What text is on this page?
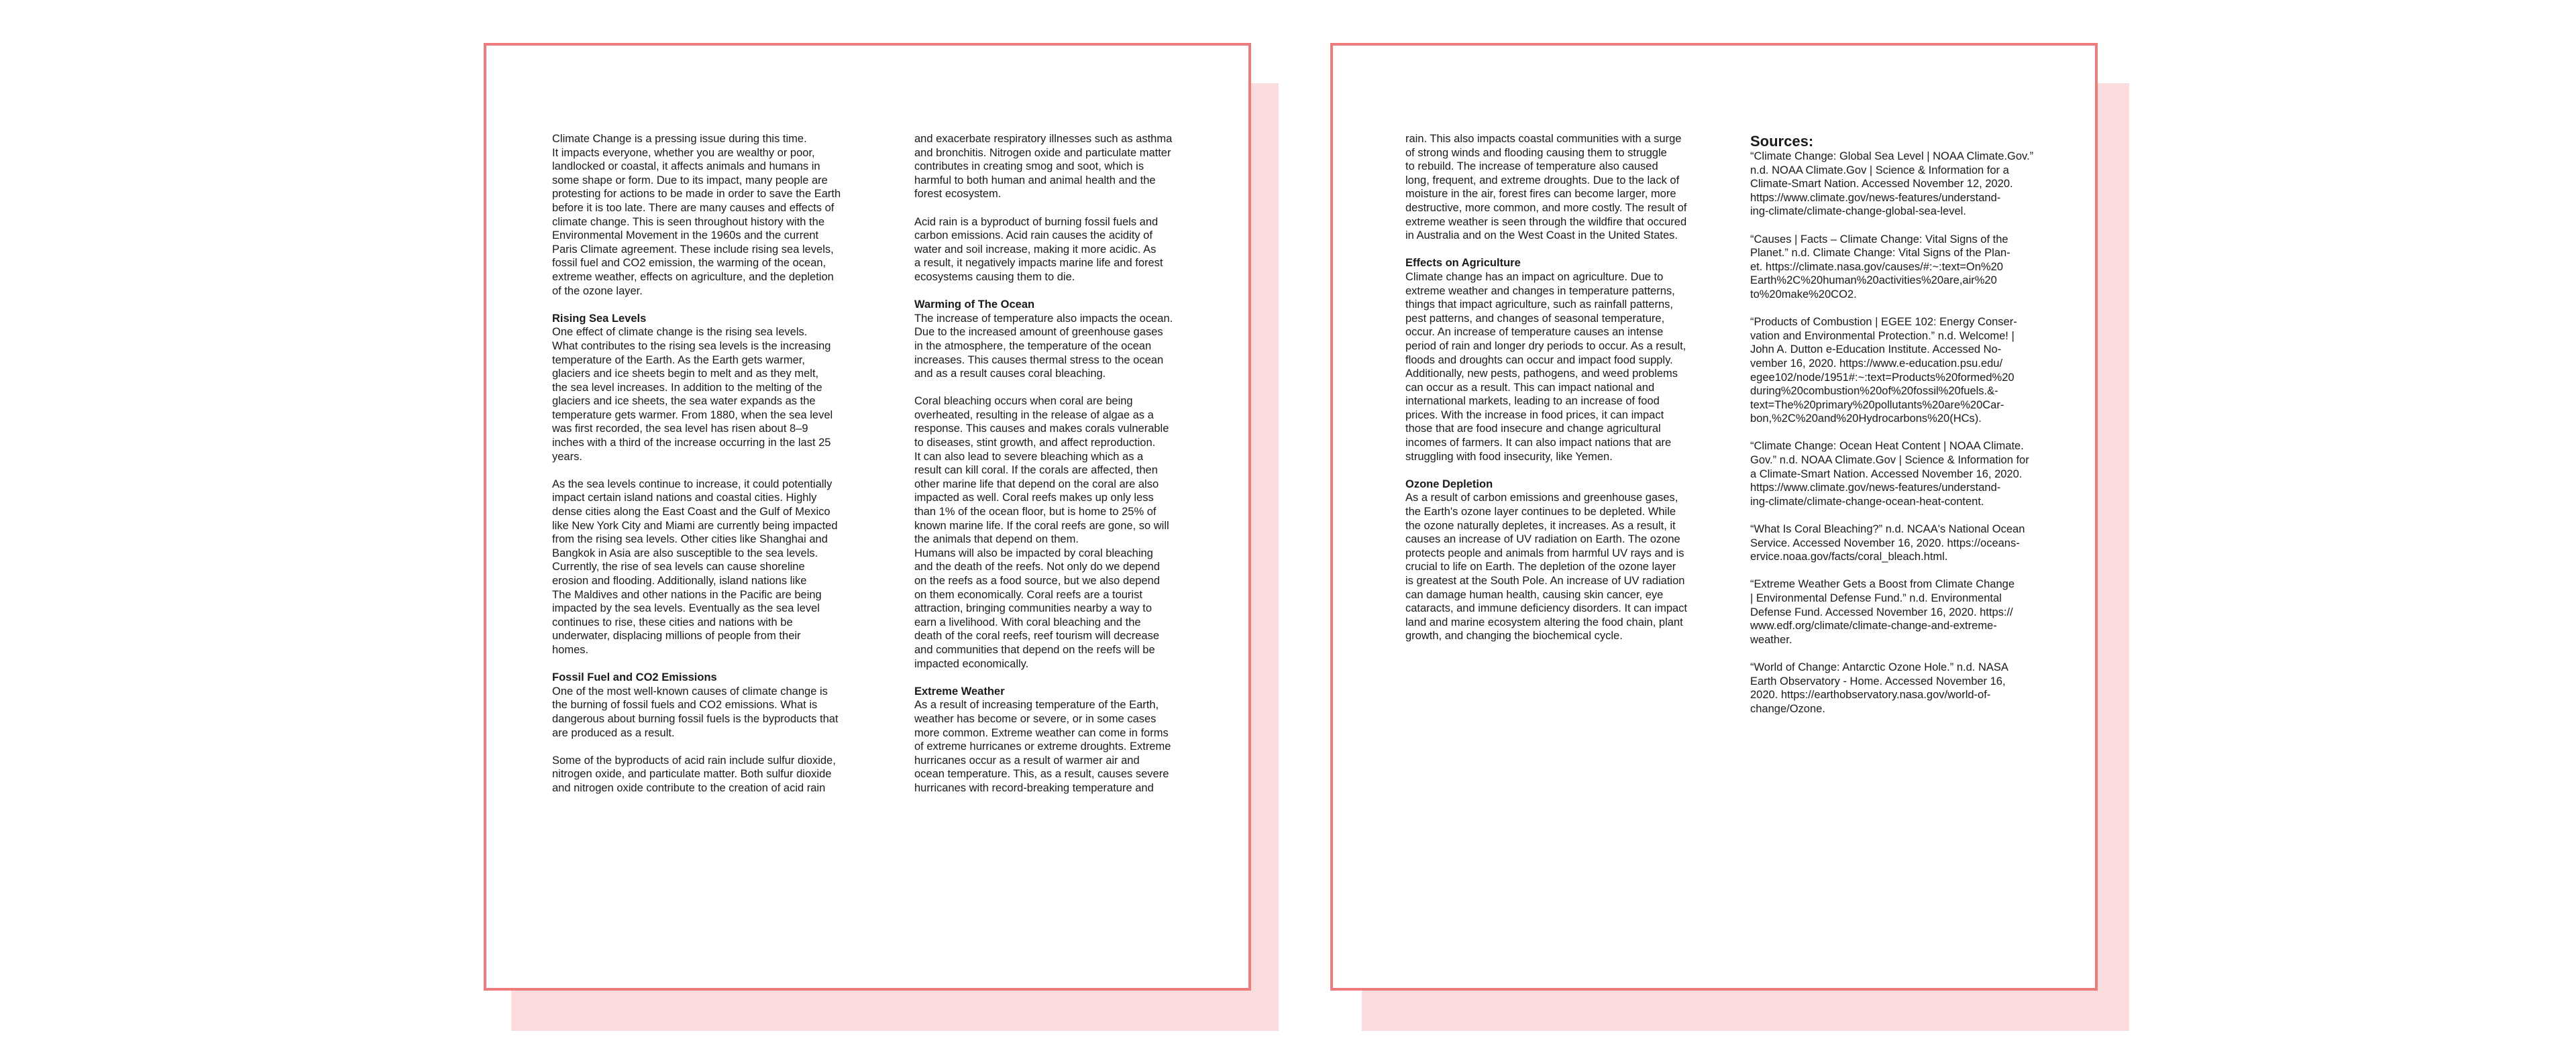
Climate Change is a pressing issue during this time.
It impacts everyone, whether you are wealthy or poor,
landlocked or coastal, it affects animals and humans in
some shape or form. Due to its impact, many people are
protesting for actions to be made in order to save the Earth
before it is too late. There are many causes and effects of
climate change. This is seen throughout history with the
Environmental Movement in the 1960s and the current
Paris Climate agreement. These include rising sea levels,
fossil fuel and CO2 emission, the warming of the ocean,
extreme weather, effects on agriculture, and the depletion
of the ozone layer.

Rising Sea Levels

One effect of climate change is the rising sea levels.
What contributes to the rising sea levels is the increasing
temperature of the Earth. As the Earth gets warmer,
glaciers and ice sheets begin to melt and as they melt,
the sea level increases. In addition to the melting of the
glaciers and ice sheets, the sea water expands as the
temperature gets warmer. From 1880, when the sea level
was first recorded, the sea level has risen about 8–9
inches with a third of the increase occurring in the last 25
years.

As the sea levels continue to increase, it could potentially
impact certain island nations and coastal cities. Highly
dense cities along the East Coast and the Gulf of Mexico
like New York City and Miami are currently being impacted
from the rising sea levels. Other cities like Shanghai and
Bangkok in Asia are also susceptible to the sea levels.
Currently, the rise of sea levels can cause shoreline
erosion and flooding. Additionally, island nations like
The Maldives and other nations in the Pacific are being
impacted by the sea levels. Eventually as the sea level
continues to rise, these cities and nations with be
underwater, displacing millions of people from their
homes.

Fossil Fuel and CO2 Emissions

One of the most well-known causes of climate change is
the burning of fossil fuels and CO2 emissions. What is
dangerous about burning fossil fuels is the byproducts that
are produced as a result.

Some of the byproducts of acid rain include sulfur dioxide,
nitrogen oxide, and particulate matter. Both sulfur dioxide
and nitrogen oxide contribute to the creation of acid rain

and exacerbate respiratory illnesses such as asthma
and bronchitis. Nitrogen oxide and particulate matter
contributes in creating smog and soot, which is
harmful to both human and animal health and the
forest ecosystem.

Acid rain is a byproduct of burning fossil fuels and
carbon emissions. Acid rain causes the acidity of
water and soil increase, making it more acidic. As
a result, it negatively impacts marine life and forest
ecosystems causing them to die.

Warming of The Ocean

The increase of temperature also impacts the ocean.
Due to the increased amount of greenhouse gases
in the atmosphere, the temperature of the ocean
increases. This causes thermal stress to the ocean
and as a result causes coral bleaching.

Coral bleaching occurs when coral are being
overheated, resulting in the release of algae as a
response. This causes and makes corals vulnerable
to diseases, stint growth, and affect reproduction.
It can also lead to severe bleaching which as a
result can kill coral. If the corals are affected, then
other marine life that depend on the coral are also
impacted as well. Coral reefs makes up only less
than 1% of the ocean floor, but is home to 25% of
known marine life. If the coral reefs are gone, so will
the animals that depend on them.
Humans will also be impacted by coral bleaching
and the death of the reefs. Not only do we depend
on the reefs as a food source, but we also depend
on them economically. Coral reefs are a tourist
attraction, bringing communities nearby a way to
earn a livelihood. With coral bleaching and the
death of the coral reefs, reef tourism will decrease
and communities that depend on the reefs will be
impacted economically.

Extreme Weather

As a result of increasing temperature of the Earth,
weather has become or severe, or in some cases
more common. Extreme weather can come in forms
of extreme hurricanes or extreme droughts. Extreme
hurricanes occur as a result of warmer air and
ocean temperature. This, as a result, causes severe
hurricanes with record-breaking temperature and

rain. This also impacts coastal communities with a surge
of strong winds and flooding causing them to struggle
to rebuild. The increase of temperature also caused
long, frequent, and extreme droughts. Due to the lack of
moisture in the air, forest fires can become larger, more
destructive, more common, and more costly. The result of
extreme weather is seen through the wildfire that occured
in Australia and on the West Coast in the United States.

Effects on Agriculture

Climate change has an impact on agriculture. Due to
extreme weather and changes in temperature patterns,
things that impact agriculture, such as rainfall patterns,
pest patterns, and changes of seasonal temperature,
occur. An increase of temperature causes an intense
period of rain and longer dry periods to occur. As a result,
floods and droughts can occur and impact food supply.
Additionally, new pests, pathogens, and weed problems
can occur as a result. This can impact national and
international markets, leading to an increase of food
prices. With the increase in food prices, it can impact
those that are food insecure and change agricultural
incomes of farmers. It can also impact nations that are
struggling with food insecurity, like Yemen.

Ozone Depletion

As a result of carbon emissions and greenhouse gases,
the Earth's ozone layer continues to be depleted. While
the ozone naturally depletes, it increases. As a result, it
causes an increase of UV radiation on Earth. The ozone
protects people and animals from harmful UV rays and is
crucial to life on Earth. The depletion of the ozone layer
is greatest at the South Pole. An increase of UV radiation
can damage human health, causing skin cancer, eye
cataracts, and immune deficiency disorders. It can impact
land and marine ecosystem altering the food chain, plant
growth, and changing the biochemical cycle.

Sources:

“Climate Change: Global Sea Level | NOAA Climate.Gov.”
n.d. NOAA Climate.Gov | Science & Information for a
Climate-Smart Nation. Accessed November 12, 2020.
https://www.climate.gov/news-features/understand-
ing-climate/climate-change-global-sea-level.

“Causes | Facts – Climate Change: Vital Signs of the
Planet.” n.d. Climate Change: Vital Signs of the Plan-
et. https://climate.nasa.gov/causes/#:~:text=On%20
Earth%2C%20human%20activities%20are,air%20
to%20make%20CO2.

“Products of Combustion | EGEE 102: Energy Conser-
vation and Environmental Protection.” n.d. Welcome! |
John A. Dutton e-Education Institute. Accessed No-
vember 16, 2020. https://www.e-education.psu.edu/
egee102/node/1951#:~:text=Products%20formed%20
during%20combustion%20of%20fossil%20fuels.&-
text=The%20primary%20pollutants%20are%20Car-
bon,%2C%20and%20Hydrocarbons%20(HCs).

“Climate Change: Ocean Heat Content | NOAA Climate.
Gov.” n.d. NOAA Climate.Gov | Science & Information for
a Climate-Smart Nation. Accessed November 16, 2020.
https://www.climate.gov/news-features/understand-
ing-climate/climate-change-ocean-heat-content.

“What Is Coral Bleaching?” n.d. NCAA's National Ocean
Service. Accessed November 16, 2020. https://oceans-
ervice.noaa.gov/facts/coral_bleach.html.

“Extreme Weather Gets a Boost from Climate Change
| Environmental Defense Fund.” n.d. Environmental
Defense Fund. Accessed November 16, 2020. https://
www.edf.org/climate/climate-change-and-extreme-
weather.

“World of Change: Antarctic Ozone Hole.” n.d. NASA
Earth Observatory - Home. Accessed November 16,
2020. https://earthobservatory.nasa.gov/world-of-
change/Ozone.
